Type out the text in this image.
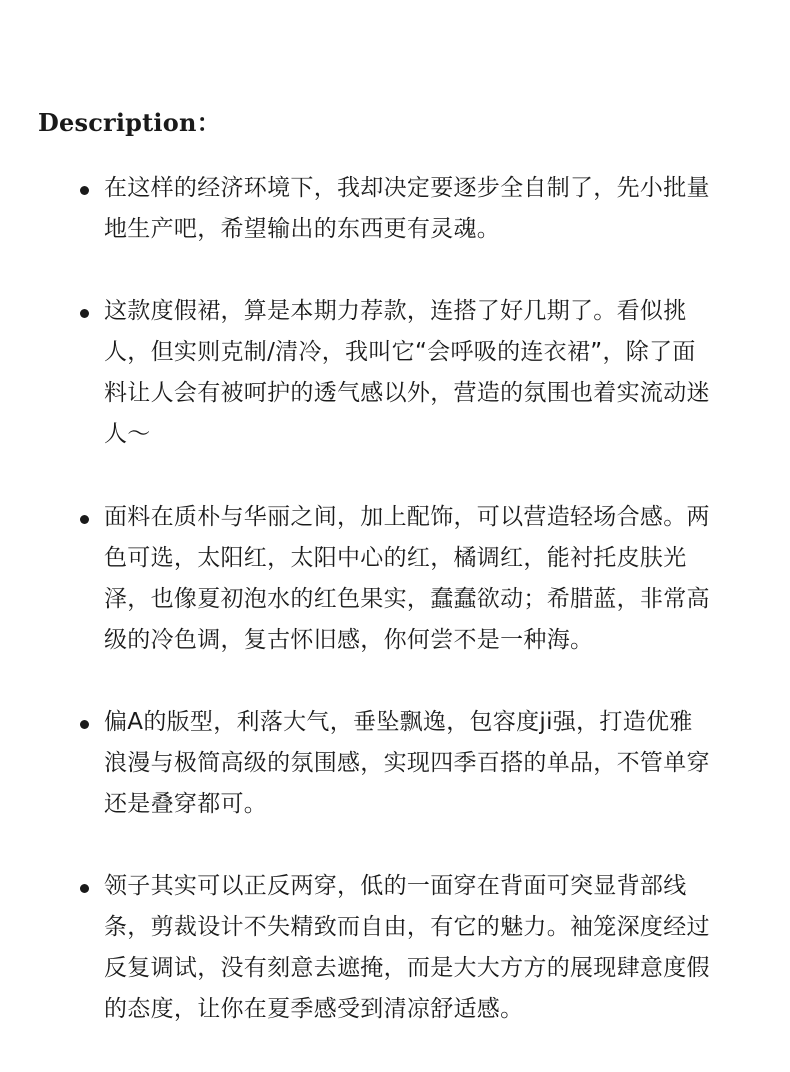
Description：
在这样的经济环境下，我却决定要逐步全自制了，先小批量地生产吧，希望输出的东西更有灵魂。
这款度假裙，算是本期力荐款，连搭了好几期了。看似挑人，但实则克制/清冷，我叫它“会呼吸的连衣裙”，除了面料让人会有被呵护的透气感以外，营造的氛围也着实流动迷人～
面料在质朴与华丽之间，加上配饰，可以营造轻场合感。两色可选，太阳红，太阳中心的红，橘调红，能衬托皮肤光泽，也像夏初泡水的红色果实，蠢蠢欲动；希腊蓝，非常高级的冷色调，复古怀旧感，你何尝不是一种海。
偏A的版型，利落大气，垂坠飘逸，包容度ji强，打造优雅浪漫与极简高级的氛围感，实现四季百搭的单品，不管单穿还是叠穿都可。
领子其实可以正反两穿，低的一面穿在背面可突显背部线条，剪裁设计不失精致而自由，有它的魅力。袖笼深度经过反复调试，没有刻意去遮掩，而是大大方方的展现肆意度假的态度，让你在夏季感受到清凉舒适感。
